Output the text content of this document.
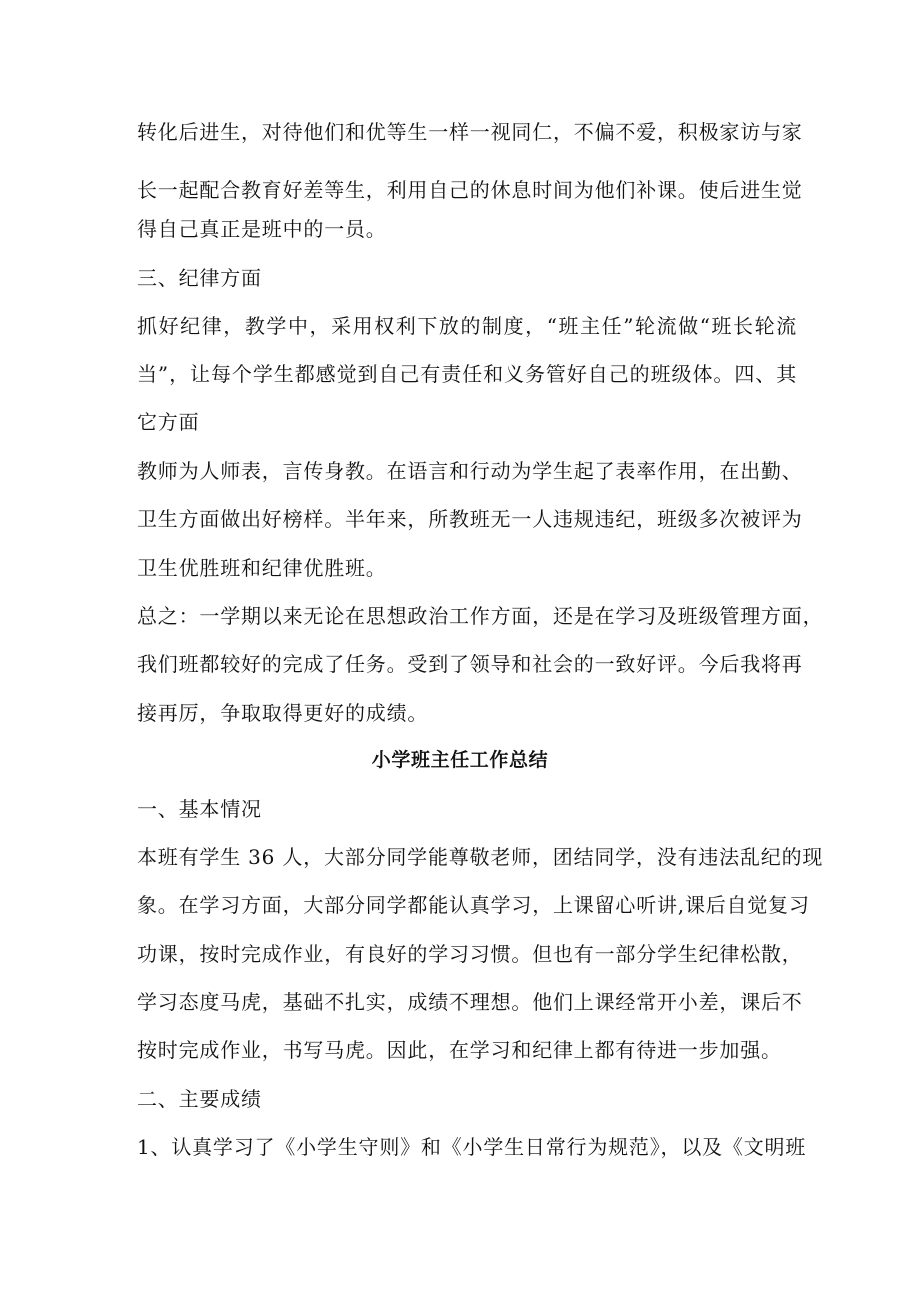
转化后进生，对待他们和优等生一样一视同仁，不偏不爱，积极家访与家
长一起配合教育好差等生，利用自己的休息时间为他们补课。使后进生觉
得自己真正是班中的一员。
三、纪律方面
抓好纪律，教学中，采用权利下放的制度，“班主任”轮流做“班长轮流
当”，让每个学生都感觉到自己有责任和义务管好自己的班级体。四、其
它方面
教师为人师表，言传身教。在语言和行动为学生起了表率作用，在出勤、
卫生方面做出好榜样。半年来，所教班无一人违规违纪，班级多次被评为
卫生优胜班和纪律优胜班。
总之：一学期以来无论在思想政治工作方面，还是在学习及班级管理方面，
我们班都较好的完成了任务。受到了领导和社会的一致好评。今后我将再
接再厉，争取取得更好的成绩。
小学班主任工作总结
一、基本情况
本班有学生 36 人，大部分同学能尊敬老师，团结同学，没有违法乱纪的现
象。在学习方面，大部分同学都能认真学习，上课留心听讲,课后自觉复习
功课，按时完成作业，有良好的学习习惯。但也有一部分学生纪律松散，
学习态度马虎，基础不扎实，成绩不理想。他们上课经常开小差，课后不
按时完成作业，书写马虎。因此，在学习和纪律上都有待进一步加强。
二、主要成绩
1、认真学习了《小学生守则》和《小学生日常行为规范》，以及《文明班
